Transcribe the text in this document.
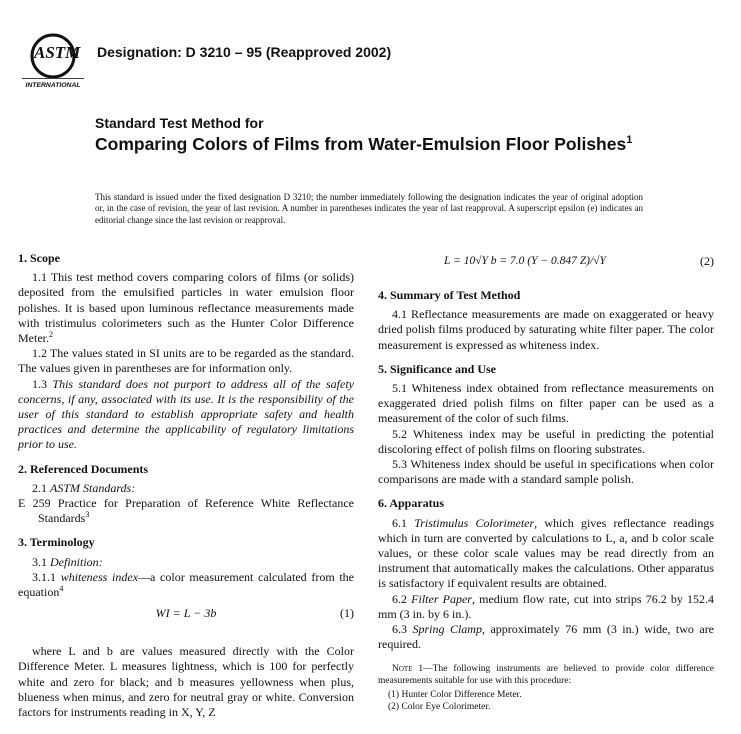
ASTM
INTERNATIONAL
Designation: D 3210 – 95 (Reapproved 2002)
Standard Test Method for
Comparing Colors of Films from Water-Emulsion Floor Polishes$^1$
This standard is issued under the fixed designation D 3210; the number immediately following the designation indicates the year of original adoption or, in the case of revision, the year of last revision. A number in parentheses indicates the year of last reapproval. A superscript epsilon (e) indicates an editorial change since the last revision or reapproval.
1. Scope

1.1 This test method covers comparing colors of films (or solids) deposited from the emulsified particles in water emulsion floor polishes. It is based upon luminous reflectance measurements made with tristimulus colorimeters such as the Hunter Color Difference Meter.$^2$

1.2 The values stated in SI units are to be regarded as the standard. The values given in parentheses are for information only.

1.3 This standard does not purport to address all of the safety concerns, if any, associated with its use. It is the responsibility of the user of this standard to establish appropriate safety and health practices and determine the applicability of regulatory limitations prior to use.

2. Referenced Documents

2.1 ASTM Standards:

E 259 Practice for Preparation of Reference White Reflectance Standards$^3$

3. Terminology

3.1 Definition:

3.1.1 whiteness index—a color measurement calculated from the equation$^4$

WI = L − 3b	(1)

where L and b are values measured directly with the Color Difference Meter. L measures lightness, which is 100 for perfectly white and zero for black; and b measures yellowness when plus, blueness when minus, and zero for neutral gray or white. Conversion factors for instruments reading in X, Y, Z

L = 10√Y b = 7.0 (Y − 0.847 Z)/√Y	(2)
4. Summary of Test Method

4.1 Reflectance measurements are made on exaggerated or heavy dried polish films produced by saturating white filter paper. The color measurement is expressed as whiteness index.

5. Significance and Use

5.1 Whiteness index obtained from reflectance measurements on exaggerated dried polish films on filter paper can be used as a measurement of the color of such films.

5.2 Whiteness index may be useful in predicting the potential discoloring effect of polish films on flooring substrates.

5.3 Whiteness index should be useful in specifications when color comparisons are made with a standard sample polish.

6. Apparatus

6.1 Tristimulus Colorimeter, which gives reflectance readings which in turn are converted by calculations to L, a, and b color scale values, or these color scale values may be read directly from an instrument that automatically makes the calculations. Other apparatus is satisfactory if equivalent results are obtained.

6.2 Filter Paper, medium flow rate, cut into strips 76.2 by 152.4 mm (3 in. by 6 in.).

6.3 Spring Clamp, approximately 76 mm (3 in.) wide, two are required.

Note 1—The following instruments are believed to provide color difference measurements suitable for use with this procedure:

(1) Hunter Color Difference Meter.
(2) Color Eye Colorimeter.
